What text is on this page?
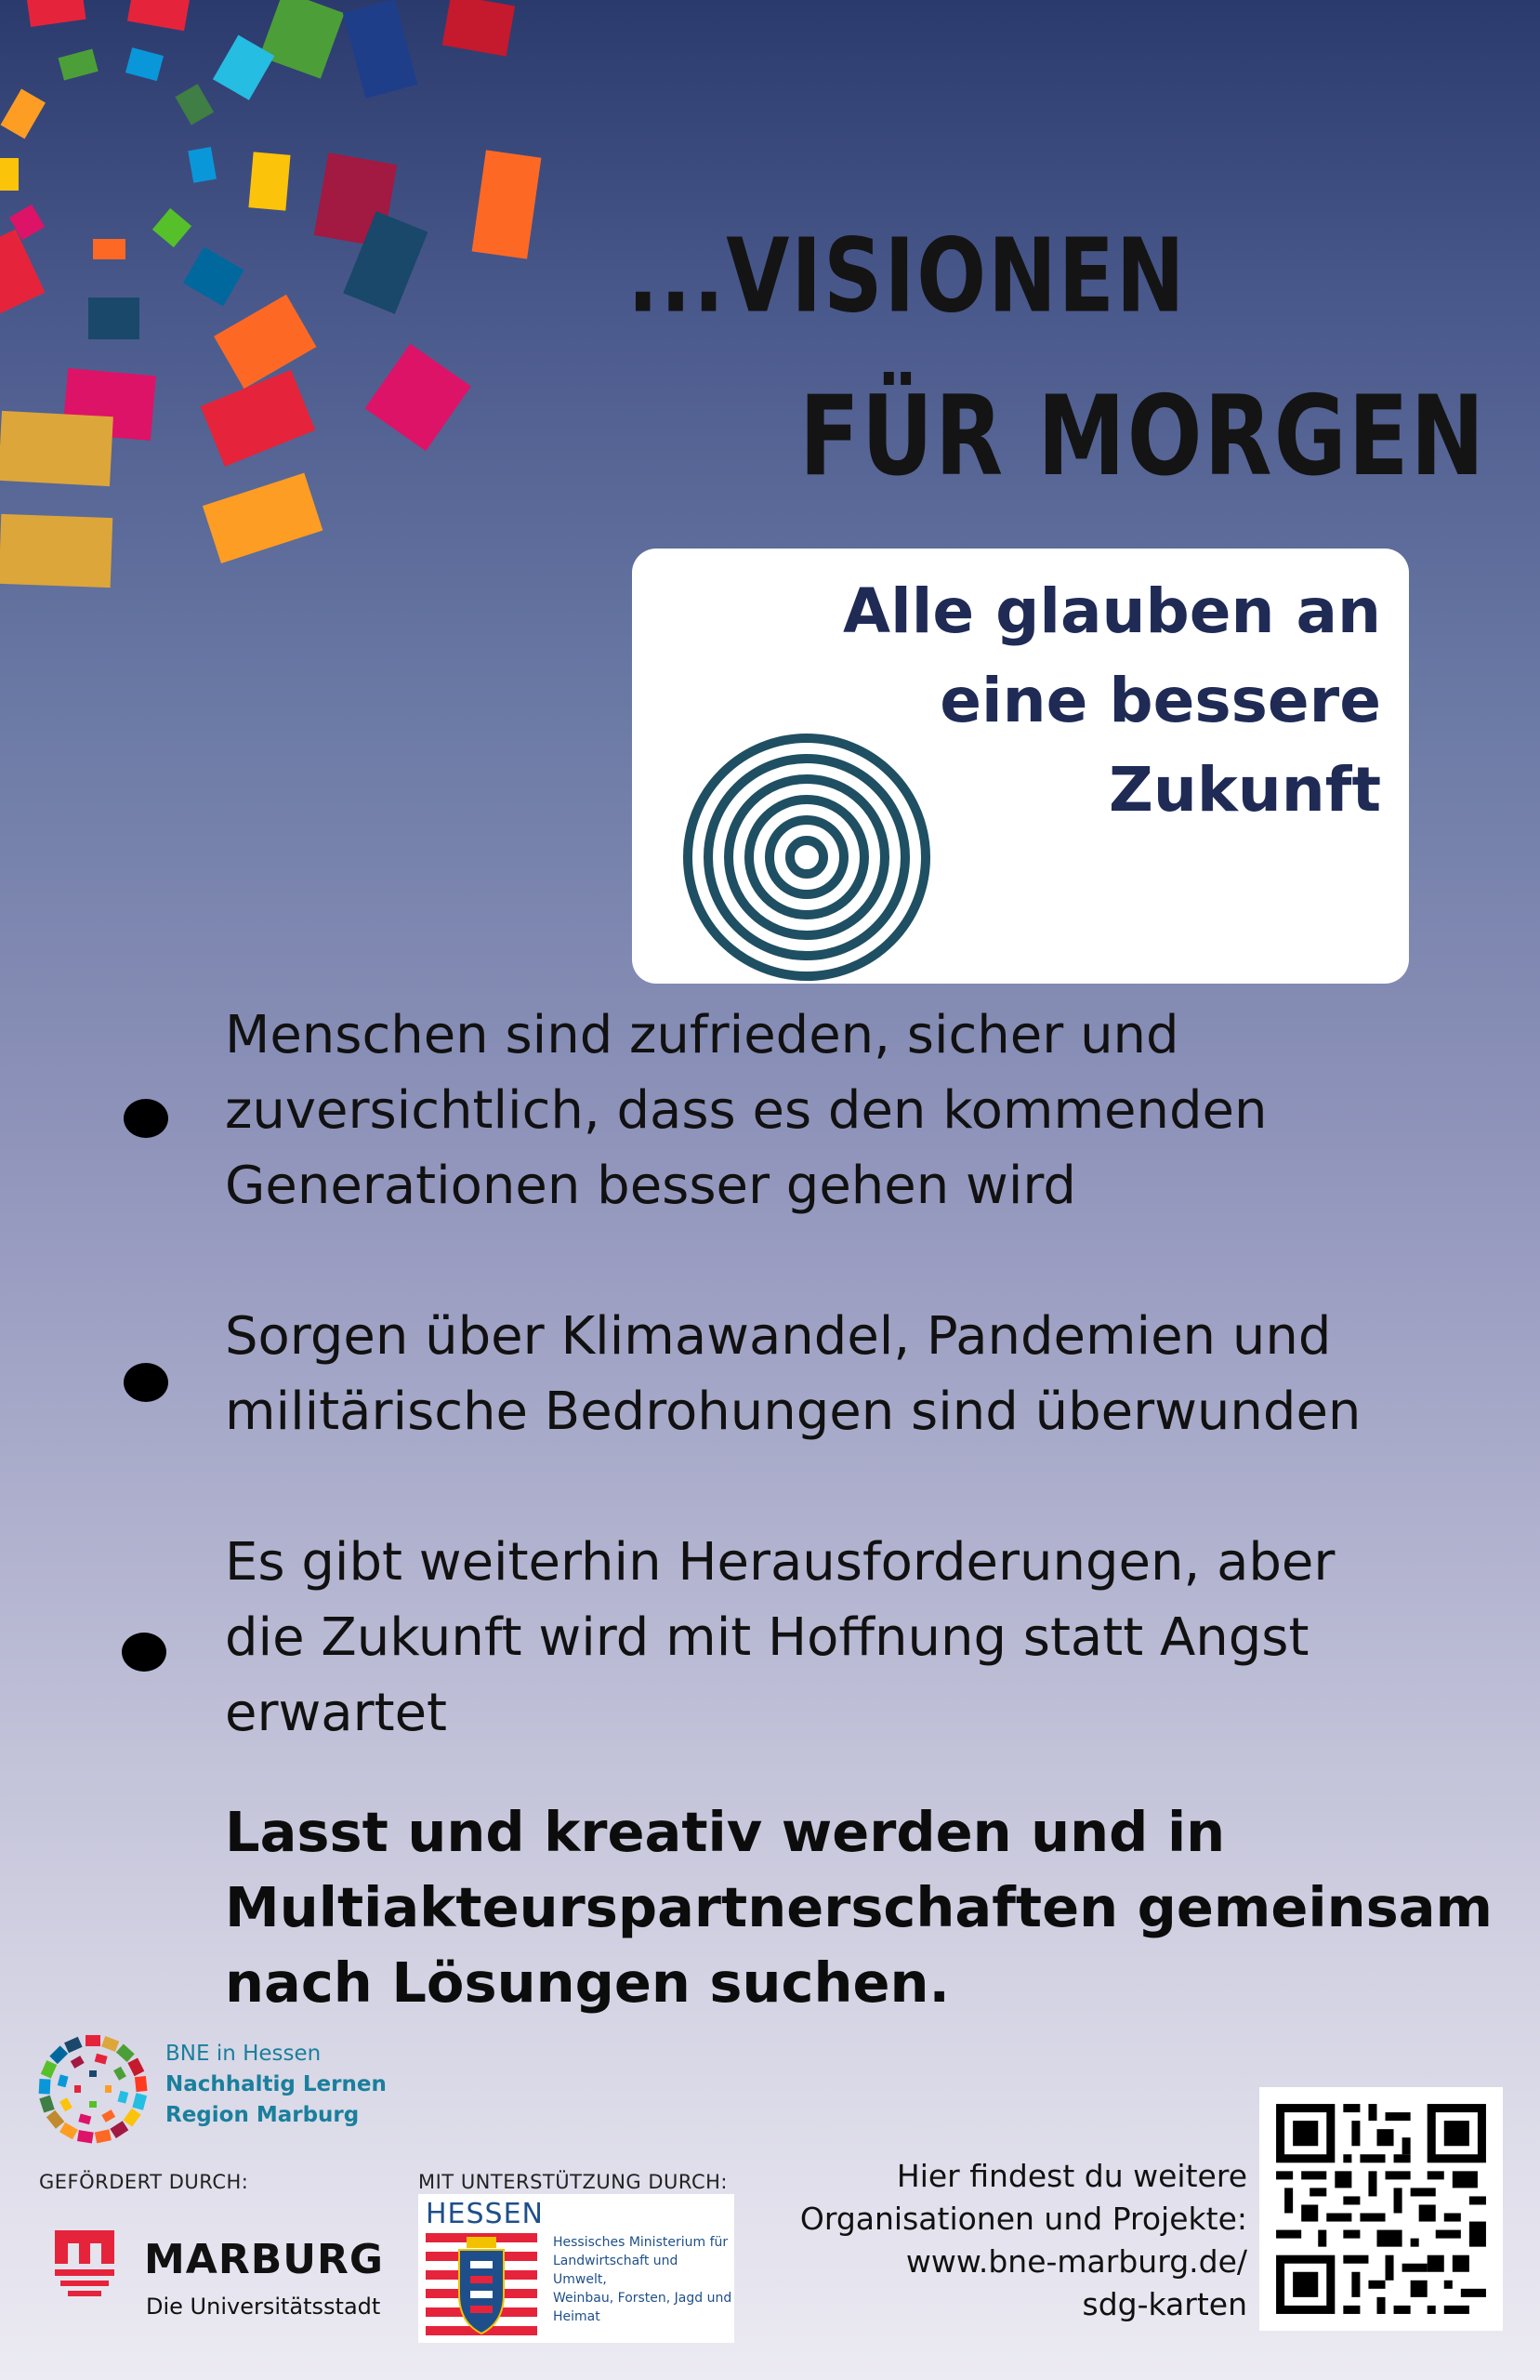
...VISIONEN
FÜR MORGEN
Alle glauben an
eine bessere
Zukunft
Menschen sind zufrieden, sicher und
zuversichtlich, dass es den kommenden
Generationen besser gehen wird
Sorgen über Klimawandel, Pandemien und
militärische Bedrohungen sind überwunden
Es gibt weiterhin Herausforderungen, aber
die Zukunft wird mit Hoffnung statt Angst
erwartet
Lasst und kreativ werden und in
Multiakteurspartnerschaften gemeinsam
nach Lösungen suchen.
BNE in Hessen
Nachhaltig Lernen
Region Marburg
GEFÖRDERT DURCH:	MIT UNTERSTÜTZUNG DURCH:
MARBURG
Die Universitätsstadt
HESSEN
Hessisches Ministerium für
Landwirtschaft und Umwelt,
Weinbau, Forsten, Jagd und
Heimat
Hier findest du weitere
Organisationen und Projekte:
www.bne-marburg.de/
sdg-karten
